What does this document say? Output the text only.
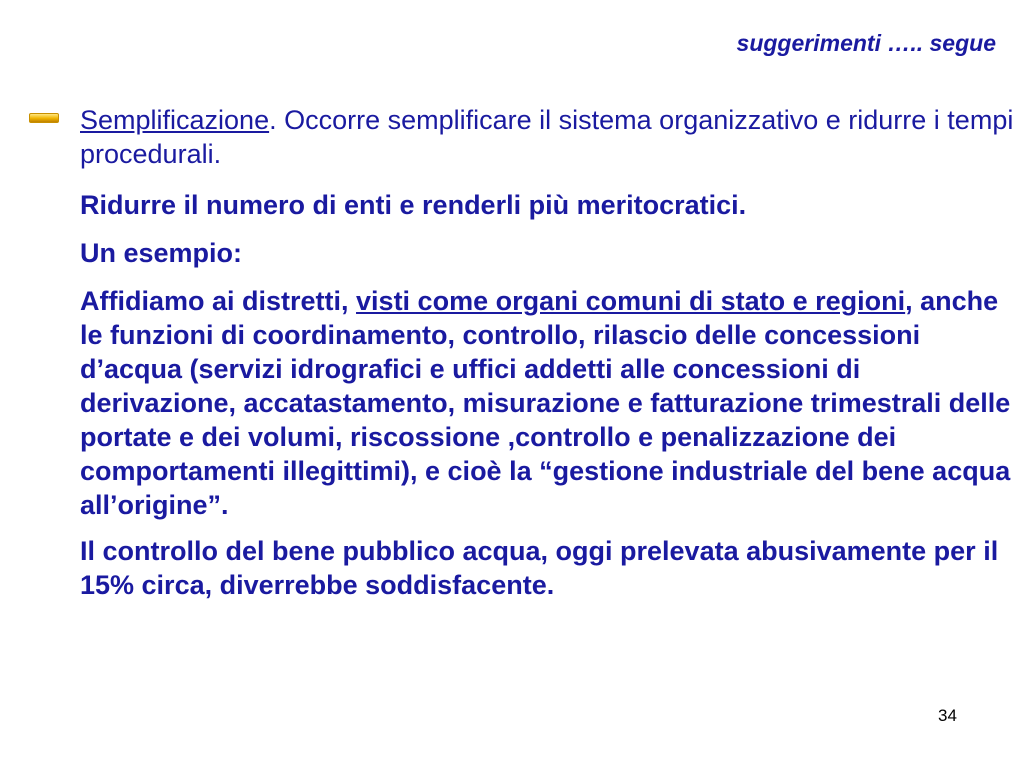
suggerimenti ….. segue

Semplificazione. Occorre semplificare il sistema organizzativo e ridurre i tempi procedurali.

Ridurre il numero di enti e renderli più meritocratici.

Un esempio:

Affidiamo ai distretti, visti come organi comuni di stato e regioni, anche le funzioni di coordinamento, controllo, rilascio delle concessioni d’acqua (servizi idrografici e uffici addetti alle concessioni di derivazione, accatastamento, misurazione e fatturazione trimestrali delle portate e dei volumi, riscossione ,controllo e penalizzazione dei comportamenti illegittimi), e cioè la “gestione industriale del bene acqua all’origine”.

Il controllo del bene pubblico acqua, oggi prelevata abusivamente per il 15% circa, diverrebbe soddisfacente.

34
